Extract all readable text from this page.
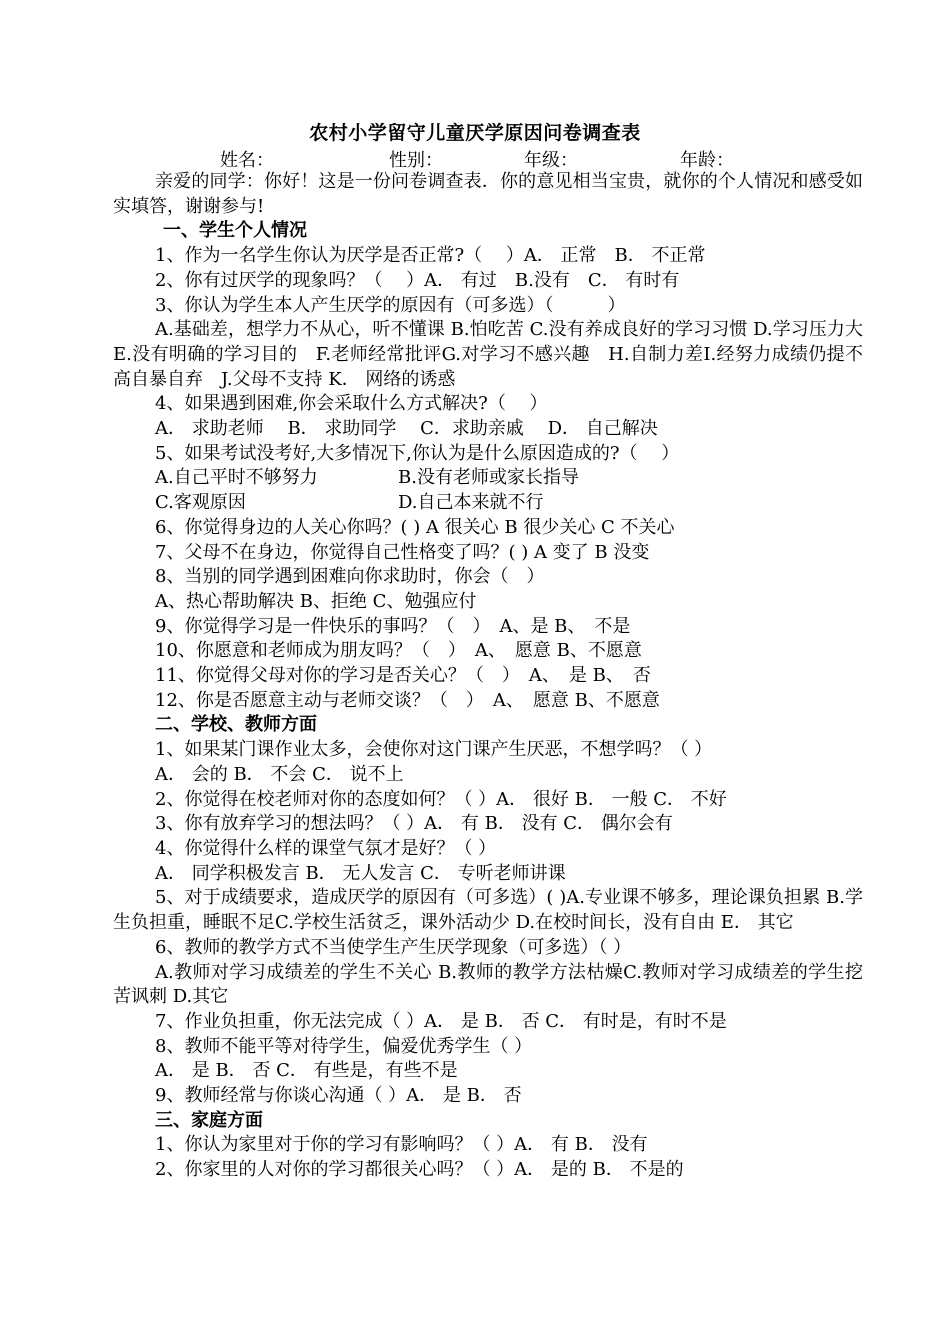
农村小学留守儿童厌学原因问卷调查表
姓名：	性别：	年级：	年龄：

亲爱的同学：你好！这是一份问卷调查表．你的意见相当宝贵，就你的个人情况和感受如实填答，谢谢参与!

一、学生个人情况

1、作为一名学生你认为厌学是否正常?（　 ）A． 正常　B． 不正常

2、你有过厌学的现象吗？（　 ）A． 有过　B.没有　C． 有时有

3、你认为学生本人产生厌学的原因有（可多选）（　　　）

A.基础差，想学力不从心，听不懂课 B.怕吃苦 C.没有养成良好的学习习惯 D.学习压力大E.没有明确的学习目的　F.老师经常批评G.对学习不感兴趣　H.自制力差I.经努力成绩仍提不高自暴自弃　J.父母不支持 K． 网络的诱惑

4、如果遇到困难,你会采取什么方式解决?（　 ）

A． 求助老师　 B． 求助同学　 C．求助亲戚　 D． 自己解决

5、如果考试没考好,大多情况下,你认为是什么原因造成的?（　 ）

A.自己平时不够努力	B.没有老师或家长指导
C.客观原因	D.自己本来就不行

6、你觉得身边的人关心你吗？( ) A 很关心 B 很少关心 C 不关心

7、父母不在身边，你觉得自己性格变了吗？( ) A 变了 B 没变

8、当别的同学遇到困难向你求助时，你会（　）

A、热心帮助解决 B、拒绝 C、勉强应付

9、你觉得学习是一件快乐的事吗？（　）　A、是 B、　不是

10、你愿意和老师成为朋友吗？（　）　A、　愿意 B、不愿意

11、你觉得父母对你的学习是否关心？（　）　A、　是 B、　否

12、你是否愿意主动与老师交谈？（　）　A、　愿意 B、不愿意

二、学校、教师方面

1、如果某门课作业太多，会使你对这门课产生厌恶，不想学吗？（ ）

A． 会的 B． 不会 C． 说不上

2、你觉得在校老师对你的态度如何？（ ）A． 很好 B． 一般 C． 不好

3、你有放弃学习的想法吗？（ ）A． 有 B． 没有 C． 偶尔会有

4、你觉得什么样的课堂气氛才是好？（ ）

A． 同学积极发言 B． 无人发言 C． 专听老师讲课

5、对于成绩要求，造成厌学的原因有（可多选）( )A.专业课不够多，理论课负担累 B.学生负担重，睡眠不足C.学校生活贫乏，课外活动少 D.在校时间长，没有自由 E． 其它

6、教师的教学方式不当使学生产生厌学现象（可多选）（ ）

A.教师对学习成绩差的学生不关心 B.教师的教学方法枯燥C.教师对学习成绩差的学生挖苦讽刺 D.其它

7、作业负担重，你无法完成（ ）A． 是 B． 否 C． 有时是，有时不是

8、教师不能平等对待学生，偏爱优秀学生（ ）

A． 是 B． 否 C． 有些是，有些不是

9、教师经常与你谈心沟通（ ）A． 是 B． 否

三、家庭方面

1、你认为家里对于你的学习有影响吗？（ ）A． 有 B． 没有

2、你家里的人对你的学习都很关心吗？（ ）A． 是的 B． 不是的
